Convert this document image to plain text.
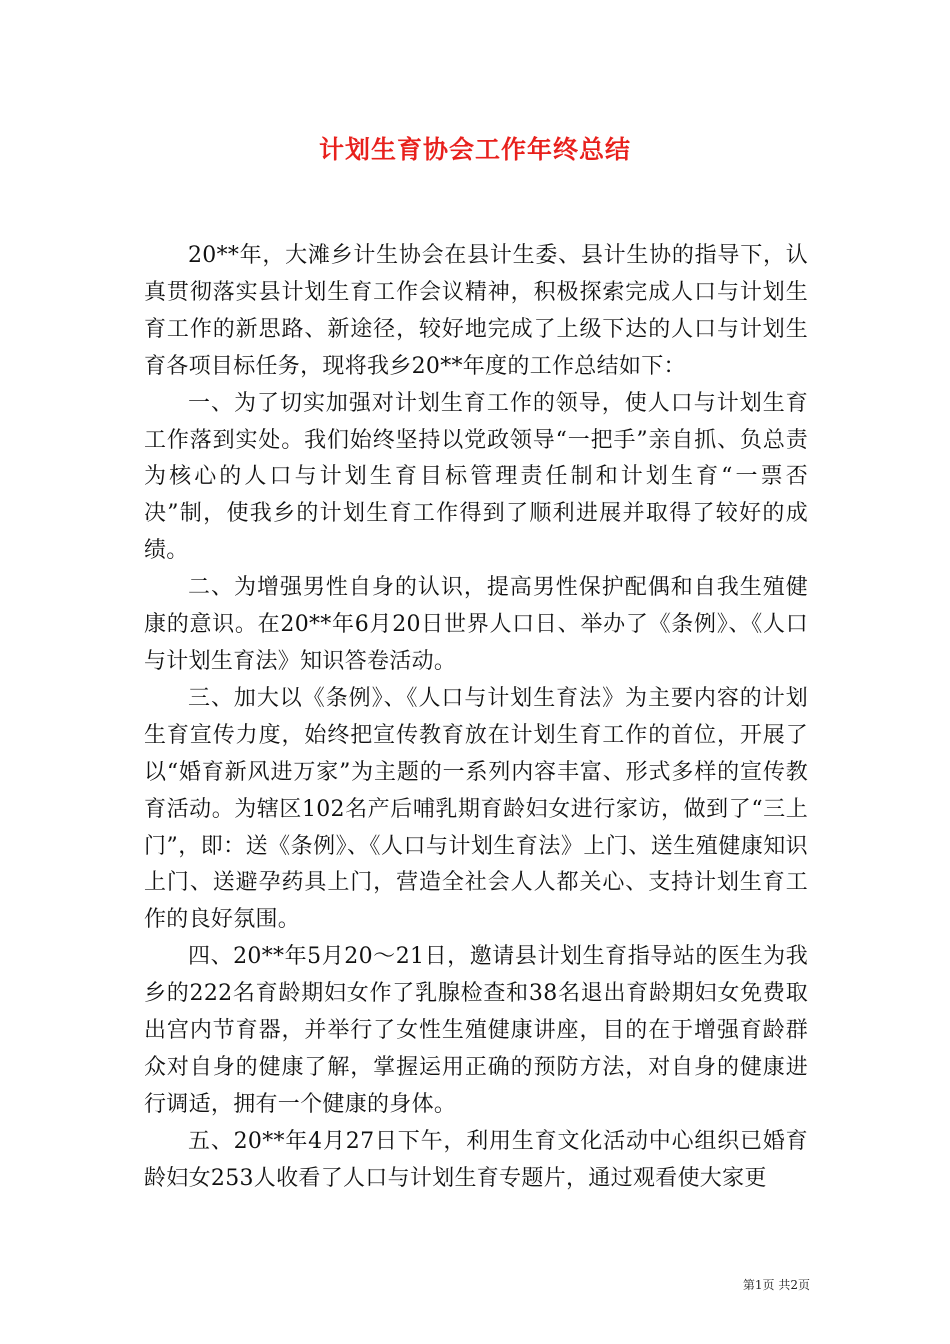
计划生育协会工作年终总结

20**年，大滩乡计生协会在县计生委、县计生协的指导下，认真贯彻落实县计划生育工作会议精神，积极探索完成人口与计划生育工作的新思路、新途径，较好地完成了上级下达的人口与计划生育各项目标任务，现将我乡20**年度的工作总结如下：

一、为了切实加强对计划生育工作的领导，使人口与计划生育工作落到实处。我们始终坚持以党政领导“一把手”亲自抓、负总责为核心的人口与计划生育目标管理责任制和计划生育“一票否决”制，使我乡的计划生育工作得到了顺利进展并取得了较好的成绩。

二、为增强男性自身的认识，提高男性保护配偶和自我生殖健康的意识。在20**年6月20日世界人口日、举办了《条例》、《人口与计划生育法》知识答卷活动。

三、加大以《条例》、《人口与计划生育法》为主要内容的计划生育宣传力度，始终把宣传教育放在计划生育工作的首位，开展了以“婚育新风进万家”为主题的一系列内容丰富、形式多样的宣传教育活动。为辖区102名产后哺乳期育龄妇女进行家访，做到了“三上门”，即：送《条例》、《人口与计划生育法》上门、送生殖健康知识上门、送避孕药具上门，营造全社会人人都关心、支持计划生育工作的良好氛围。

四、20**年5月20～21日，邀请县计划生育指导站的医生为我乡的222名育龄期妇女作了乳腺检查和38名退出育龄期妇女免费取出宫内节育器，并举行了女性生殖健康讲座，目的在于增强育龄群众对自身的健康了解，掌握运用正确的预防方法，对自身的健康进行调适，拥有一个健康的身体。

五、20**年4月27日下午，利用生育文化活动中心组织已婚育龄妇女253人收看了人口与计划生育专题片，通过观看使大家更

第1页 共2页
